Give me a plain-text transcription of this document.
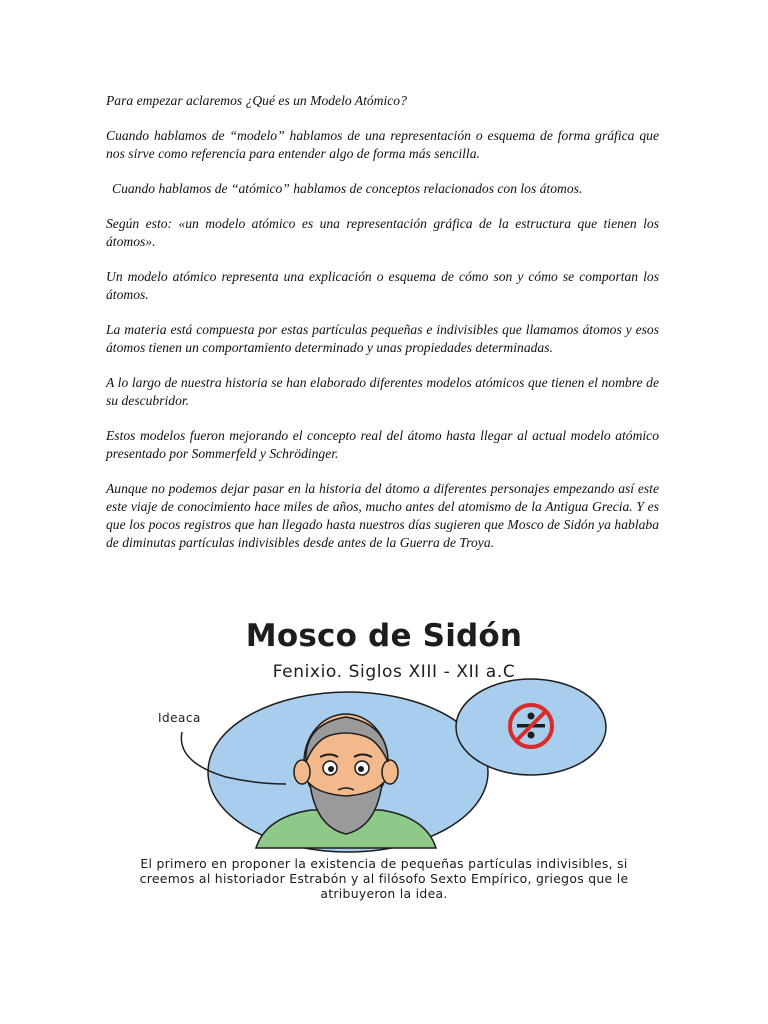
Para empezar aclaremos ¿Qué es un Modelo Atómico?

Cuando hablamos de “modelo” hablamos de una representación o esquema de forma gráfica que nos sirve como referencia para entender algo de forma más sencilla.

Cuando hablamos de “atómico” hablamos de conceptos relacionados con los átomos.

Según esto: «un modelo atómico es una representación gráfica de la estructura que tienen los átomos».

Un modelo atómico representa una explicación o esquema de cómo son y cómo se comportan los átomos.

La materia está compuesta por estas partículas pequeñas e indivisibles que llamamos átomos y esos átomos tienen un comportamiento determinado y unas propiedades determinadas.

A lo largo de nuestra historia se han elaborado diferentes modelos atómicos que tienen el nombre de su descubridor.

Estos modelos fueron mejorando el concepto real del átomo hasta llegar al actual modelo atómico presentado por Sommerfeld y Schrödinger.

Aunque no podemos dejar pasar en la historia del átomo a diferentes personajes empezando así este este viaje de conocimiento hace miles de años, mucho antes del atomismo de la Antigua Grecia. Y es que los pocos registros que han llegado hasta nuestros días sugieren que Mosco de Sidón ya hablaba de diminutas partículas indivisibles desde antes de la Guerra de Troya.

Mosco de Sidón
Fenixio. Siglos XIII - XII a.C
Ideaca
El primero en proponer la existencia de pequeñas partículas indivisibles, si creemos al historiador Estrabón y al filósofo Sexto Empírico, griegos que le atribuyeron la idea.
